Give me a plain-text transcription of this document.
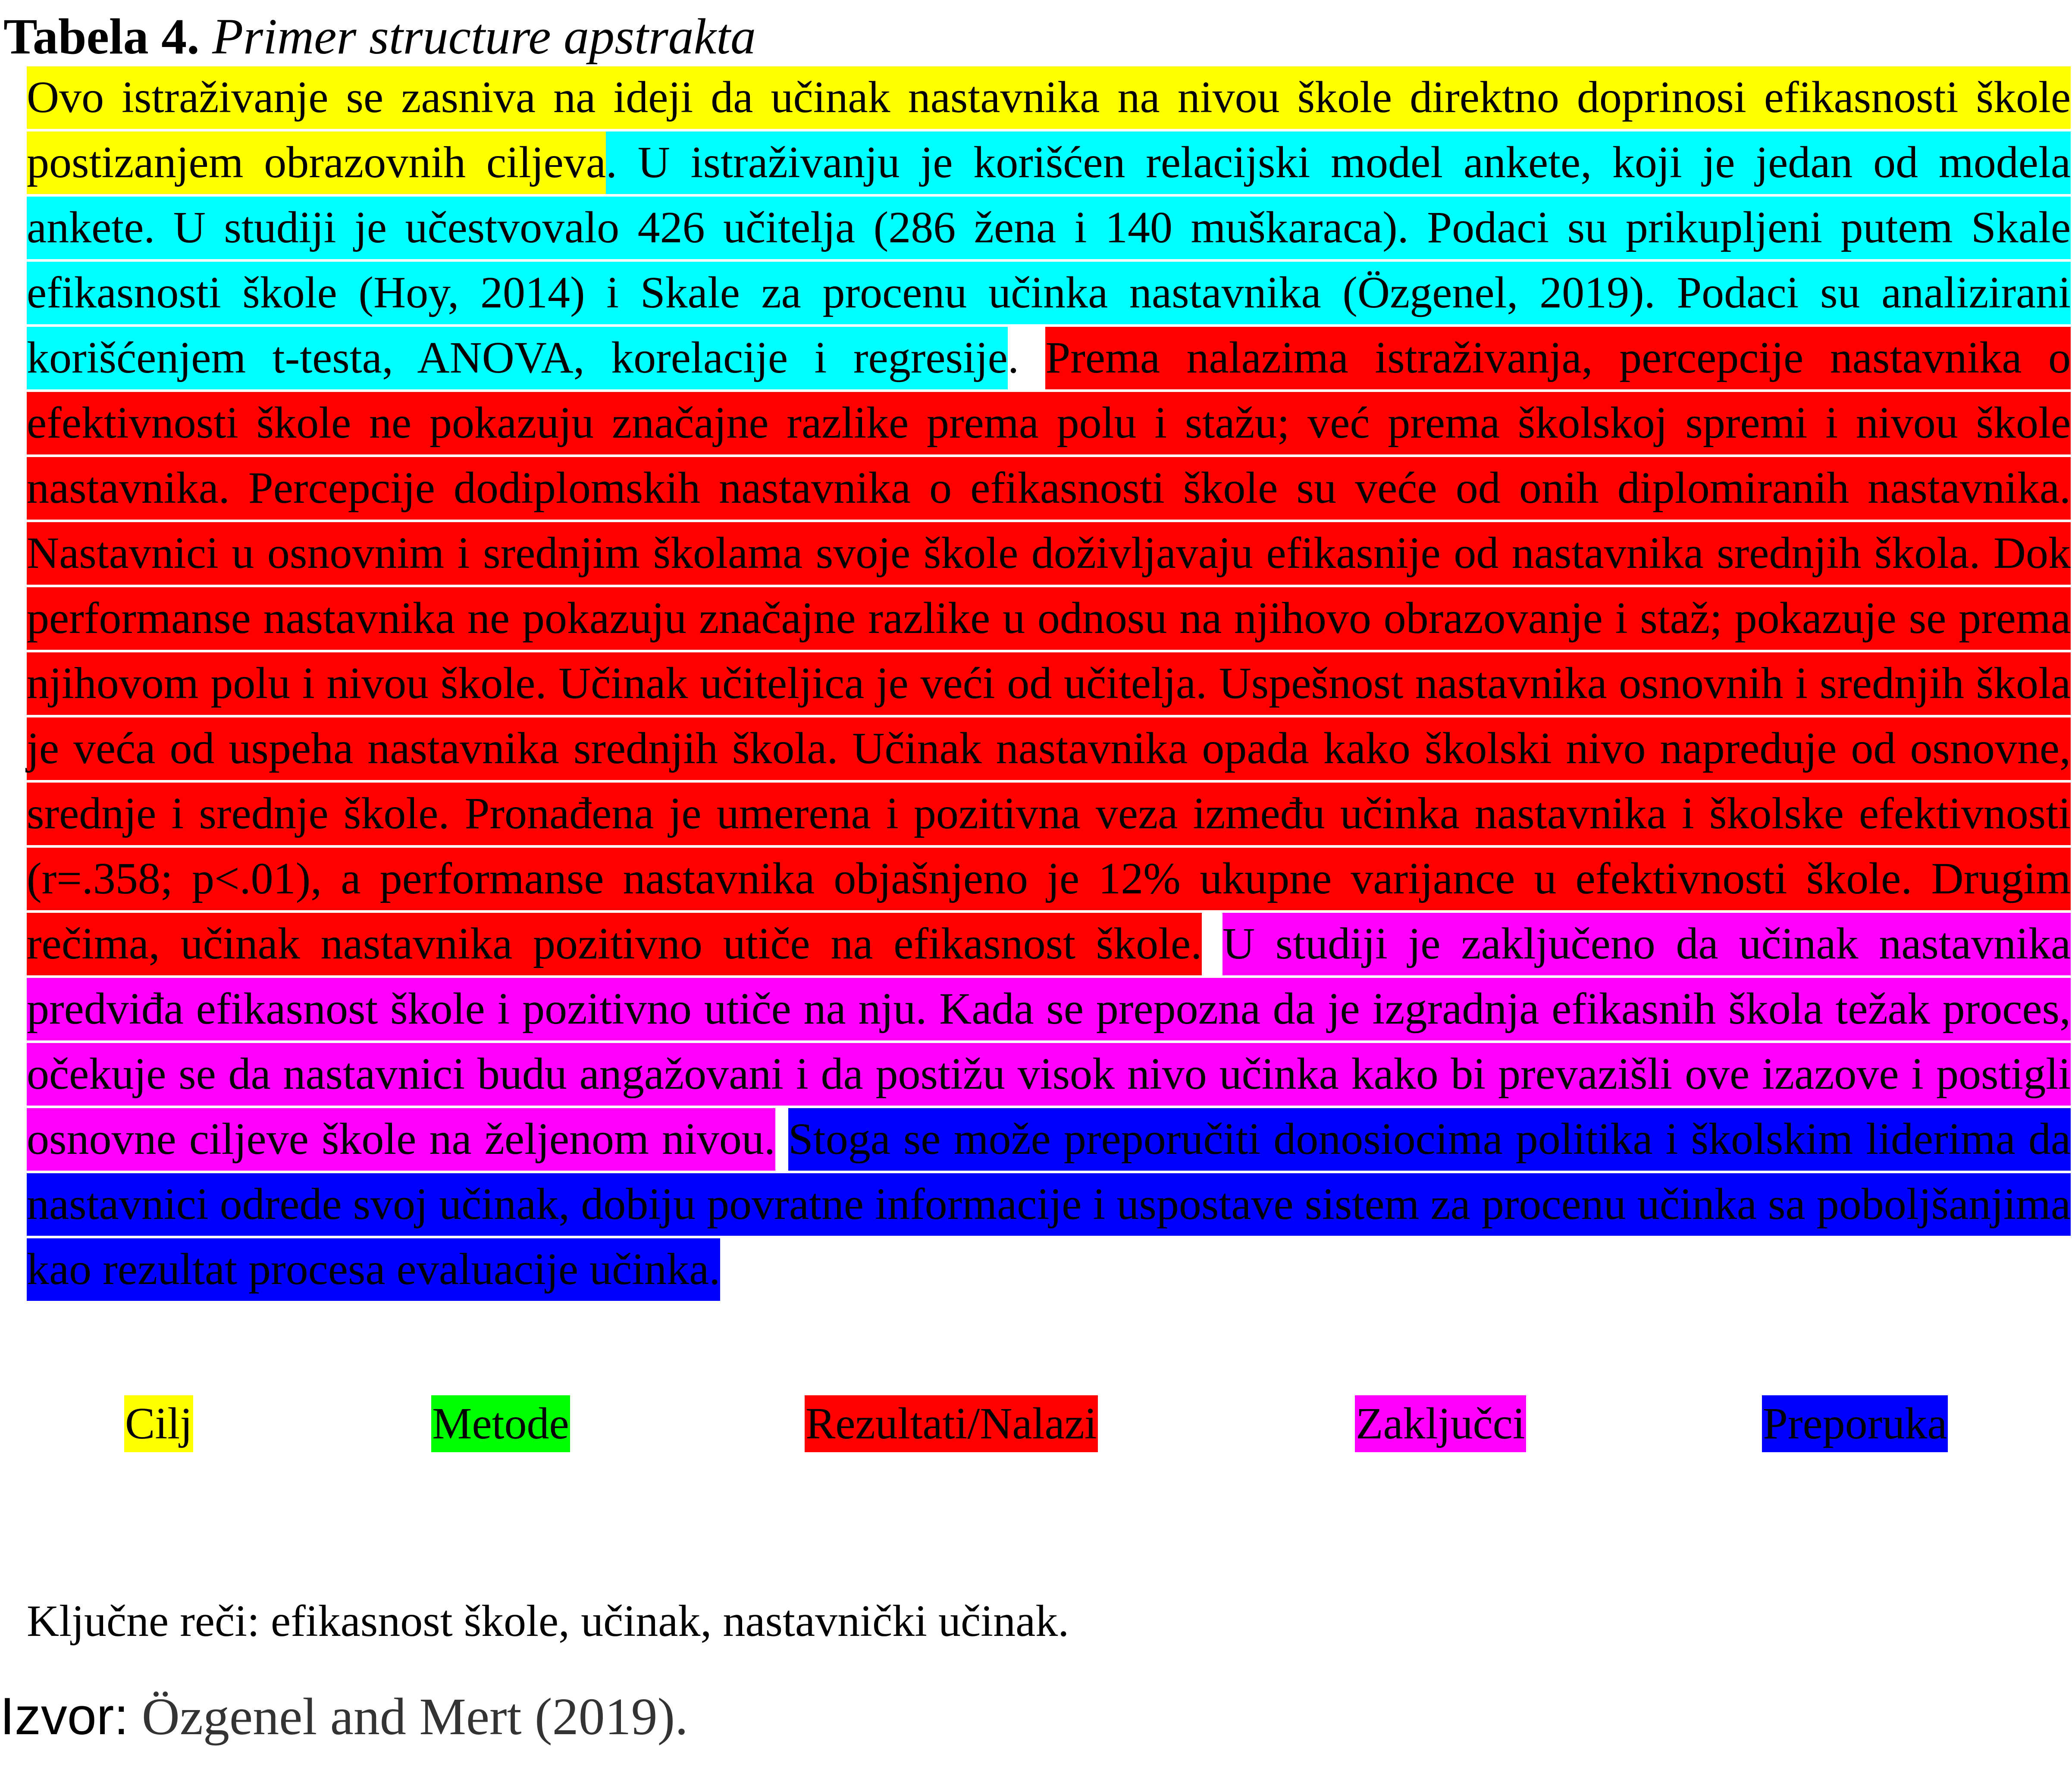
Tabela 4. Primer structure apstrakta

Ovo istraživanje se zasniva na ideji da učinak nastavnika na nivou škole direktno doprinosi efikasnosti škole postizanjem obrazovnih ciljeva. U istraživanju je korišćen relacijski model ankete, koji je jedan od modela ankete. U studiji je učestvovalo 426 učitelja (286 žena i 140 muškaraca). Podaci su prikupljeni putem Skale efikasnosti škole (Hoy, 2014) i Skale za procenu učinka nastavnika (Özgenel, 2019). Podaci su analizirani korišćenjem t-testa, ANOVA, korelacije i regresije. Prema nalazima istraživanja, percepcije nastavnika o efektivnosti škole ne pokazuju značajne razlike prema polu i stažu; već prema školskoj spremi i nivou škole nastavnika. Percepcije dodiplomskih nastavnika o efikasnosti škole su veće od onih diplomiranih nastavnika. Nastavnici u osnovnim i srednjim školama svoje škole doživljavaju efikasnije od nastavnika srednjih škola. Dok performanse nastavnika ne pokazuju značajne razlike u odnosu na njihovo obrazovanje i staž; pokazuje se prema njihovom polu i nivou škole. Učinak učiteljica je veći od učitelja. Uspešnost nastavnika osnovnih i srednjih škola je veća od uspeha nastavnika srednjih škola. Učinak nastavnika opada kako školski nivo napreduje od osnovne, srednje i srednje škole. Pronađena je umerena i pozitivna veza između učinka nastavnika i školske efektivnosti (r=.358; p<.01), a performanse nastavnika objašnjeno je 12% ukupne varijance u efektivnosti škole. Drugim rečima, učinak nastavnika pozitivno utiče na efikasnost škole. U studiji je zaključeno da učinak nastavnika predviđa efikasnost škole i pozitivno utiče na nju. Kada se prepozna da je izgradnja efikasnih škola težak proces, očekuje se da nastavnici budu angažovani i da postižu visok nivo učinka kako bi prevazišli ove izazove i postigli osnovne ciljeve škole na željenom nivou. Stoga se može preporučiti donosiocima politika i školskim liderima da nastavnici odrede svoj učinak, dobiju povratne informacije i uspostave sistem za procenu učinka sa poboljšanjima kao rezultat procesa evaluacije učinka.

Cilj	Metode	Rezultati/Nalazi	Zaključci	Preporuka
Ključne reči: efikasnost škole, učinak, nastavnički učinak.
Izvor: Özgenel and Mert (2019).
